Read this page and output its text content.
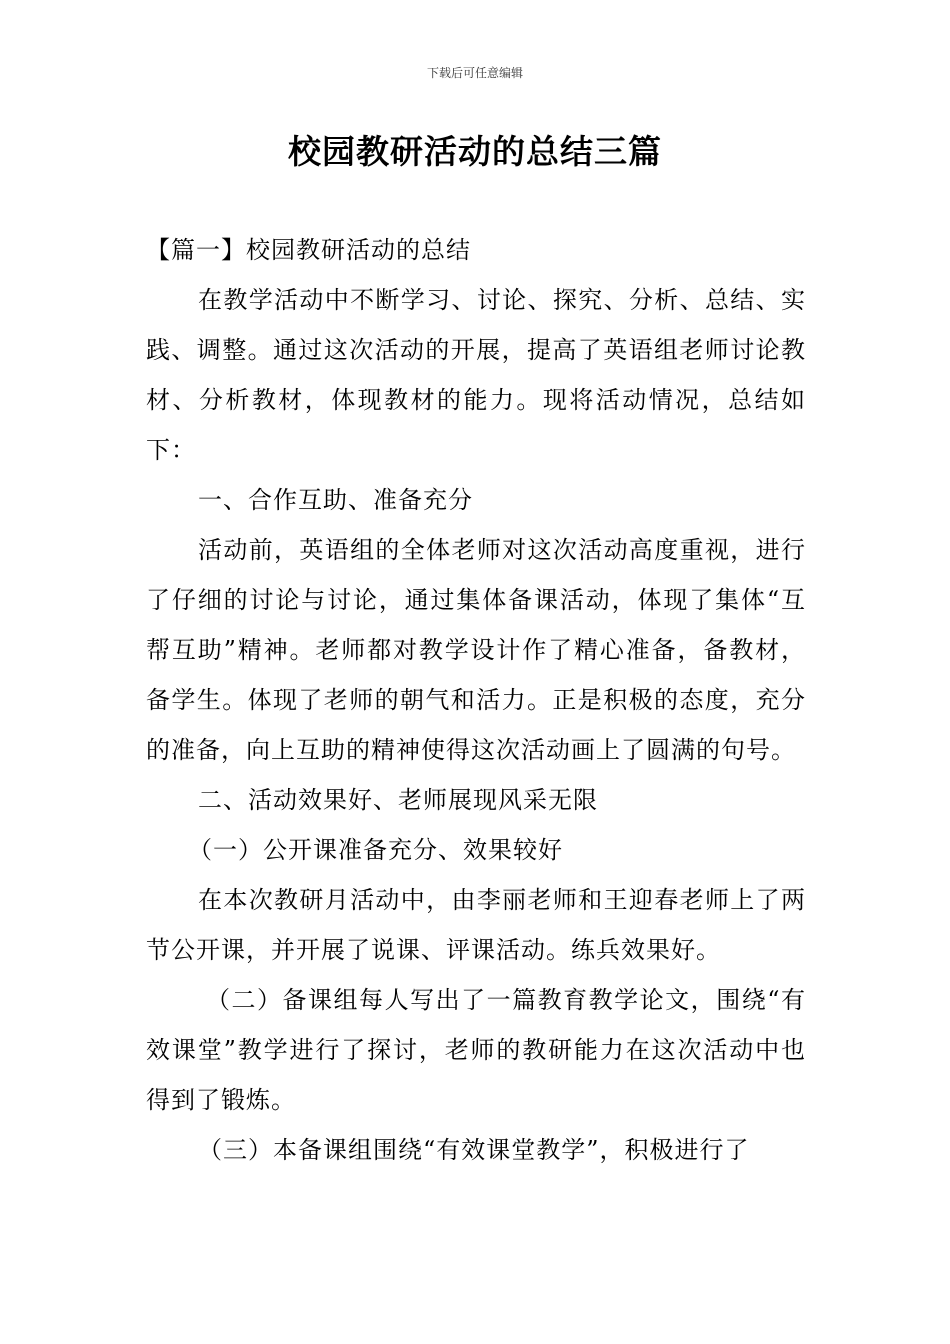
下载后可任意编辑
校园教研活动的总结三篇

【篇一】校园教研活动的总结

在教学活动中不断学习、讨论、探究、分析、总结、实践、调整。通过这次活动的开展，提高了英语组老师讨论教材、分析教材，体现教材的能力。现将活动情况，总结如下：

一、合作互助、准备充分

活动前，英语组的全体老师对这次活动高度重视，进行了仔细的讨论与讨论，通过集体备课活动，体现了集体“互帮互助”精神。老师都对教学设计作了精心准备，备教材，备学生。体现了老师的朝气和活力。正是积极的态度，充分的准备，向上互助的精神使得这次活动画上了圆满的句号。

二、活动效果好、老师展现风采无限

（一）公开课准备充分、效果较好

在本次教研月活动中，由李丽老师和王迎春老师上了两节公开课，并开展了说课、评课活动。练兵效果好。

（二）备课组每人写出了一篇教育教学论文，围绕“有效课堂”教学进行了探讨，老师的教研能力在这次活动中也得到了锻炼。

（三）本备课组围绕“有效课堂教学”，积极进行了
